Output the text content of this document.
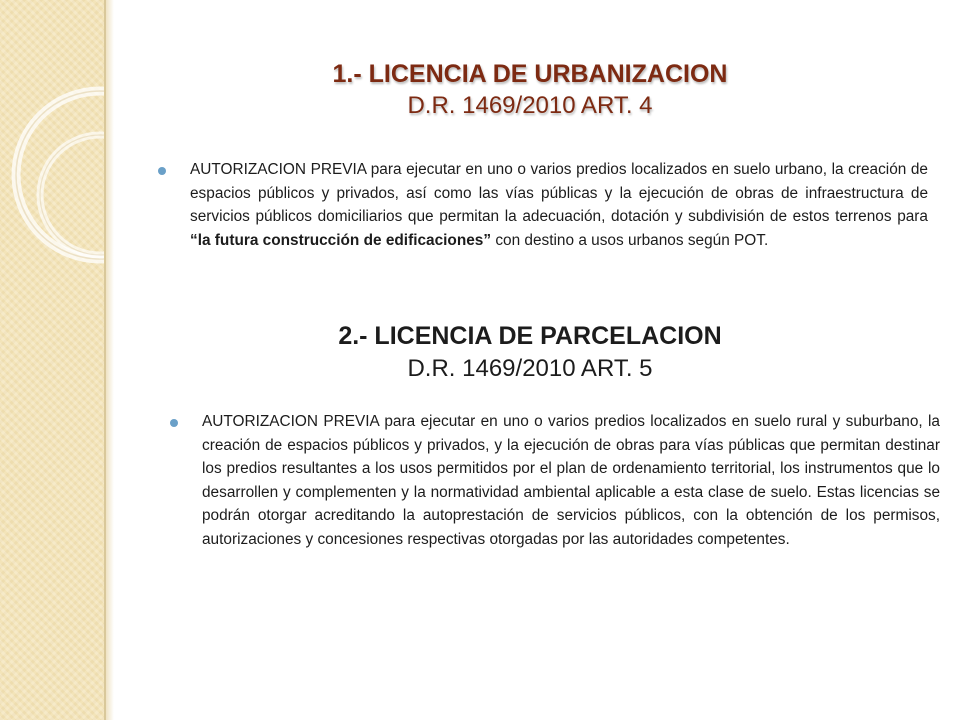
1.- LICENCIA DE URBANIZACION
D.R. 1469/2010 ART. 4

AUTORIZACION PREVIA para ejecutar en uno o varios predios localizados en suelo urbano, la creación de espacios públicos y privados, así como las vías públicas y la ejecución de obras de infraestructura de servicios públicos domiciliarios que permitan la adecuación, dotación y subdivisión de estos terrenos para “la futura construcción de edificaciones” con destino a usos urbanos según POT.

2.- LICENCIA DE PARCELACION
D.R. 1469/2010 ART. 5

AUTORIZACION PREVIA para ejecutar en uno o varios predios localizados en suelo rural y suburbano, la creación de espacios públicos y privados, y la ejecución de obras para vías públicas que permitan destinar los predios resultantes a los usos permitidos por el plan de ordenamiento territorial, los instrumentos que lo desarrollen y complementen y la normatividad ambiental aplicable a esta clase de suelo. Estas licencias se podrán otorgar acreditando la autoprestación de servicios públicos, con la obtención de los permisos, autorizaciones y concesiones respectivas otorgadas por las autoridades competentes.
